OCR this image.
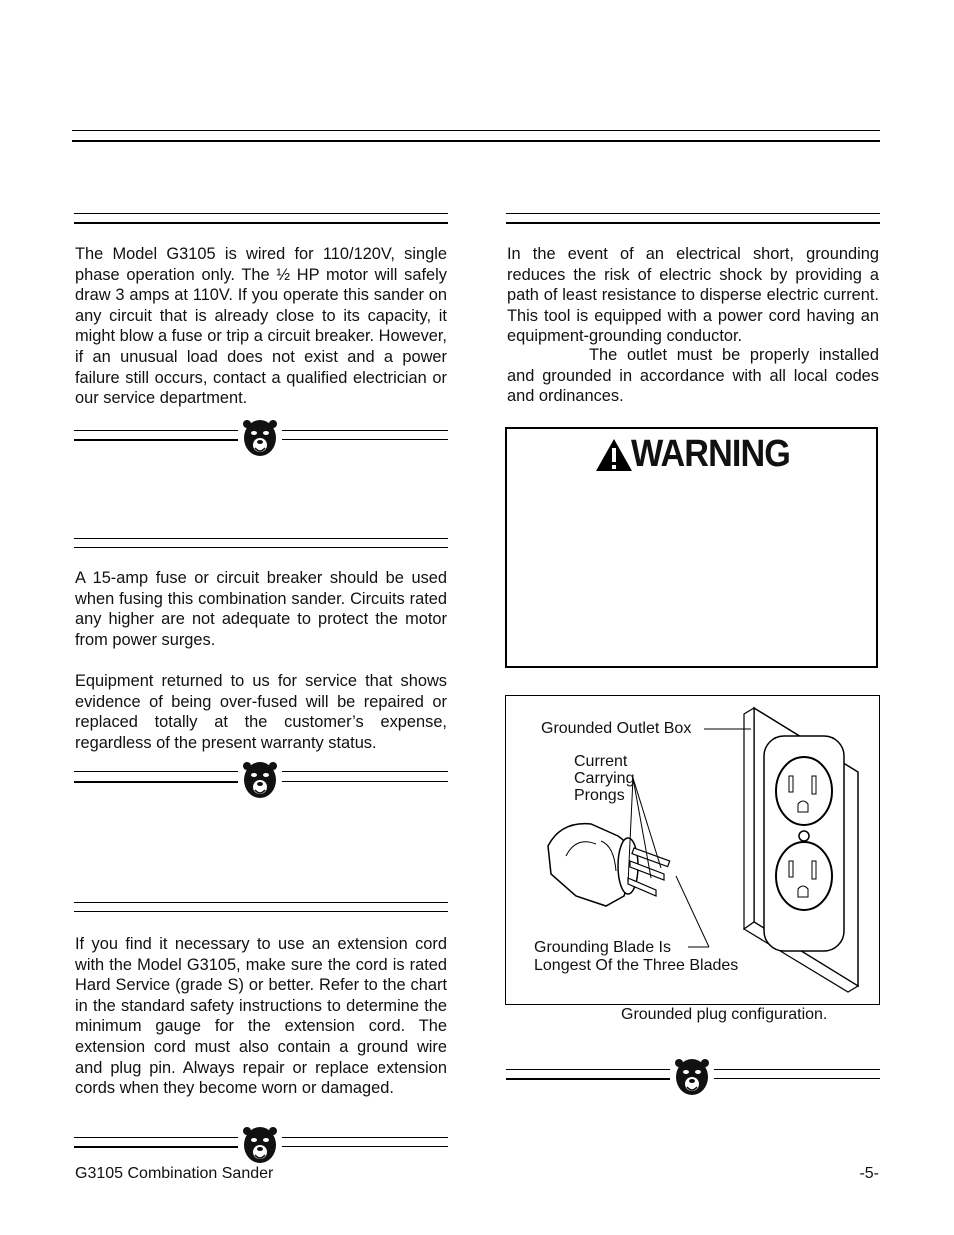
The Model G3105 is wired for 110/120V, single phase operation only. The ½ HP motor will safely draw 3 amps at 110V. If you operate this sander on any circuit that is already close to its capacity, it might blow a fuse or trip a circuit breaker. However, if an unusual load does not exist and a power failure still occurs, contact a qualified electrician or our service department.

A 15-amp fuse or circuit breaker should be used when fusing this combination sander. Circuits rated any higher are not adequate to protect the motor from power surges.

Equipment returned to us for service that shows evidence of being over-fused will be repaired or replaced totally at the customer’s expense, regardless of the present warranty status.

If you find it necessary to use an extension cord with the Model G3105, make sure the cord is rated Hard Service (grade S) or better. Refer to the chart in the standard safety instructions to determine the minimum gauge for the extension cord. The extension cord must also contain a ground wire and plug pin. Always repair or replace extension cords when they become worn or damaged.

In the event of an electrical short, grounding reduces the risk of electric shock by providing a path of least resistance to disperse electric current. This tool is equipped with a power cord having an equipment-grounding conductor.

The outlet must be properly installed and grounded in accordance with all local codes and ordinances.

WARNING
Grounded Outlet Box
Current
Carrying
Prongs
Grounding Blade Is
Longest Of the Three Blades
Grounded plug configuration.
G3105 Combination Sander	-5-
